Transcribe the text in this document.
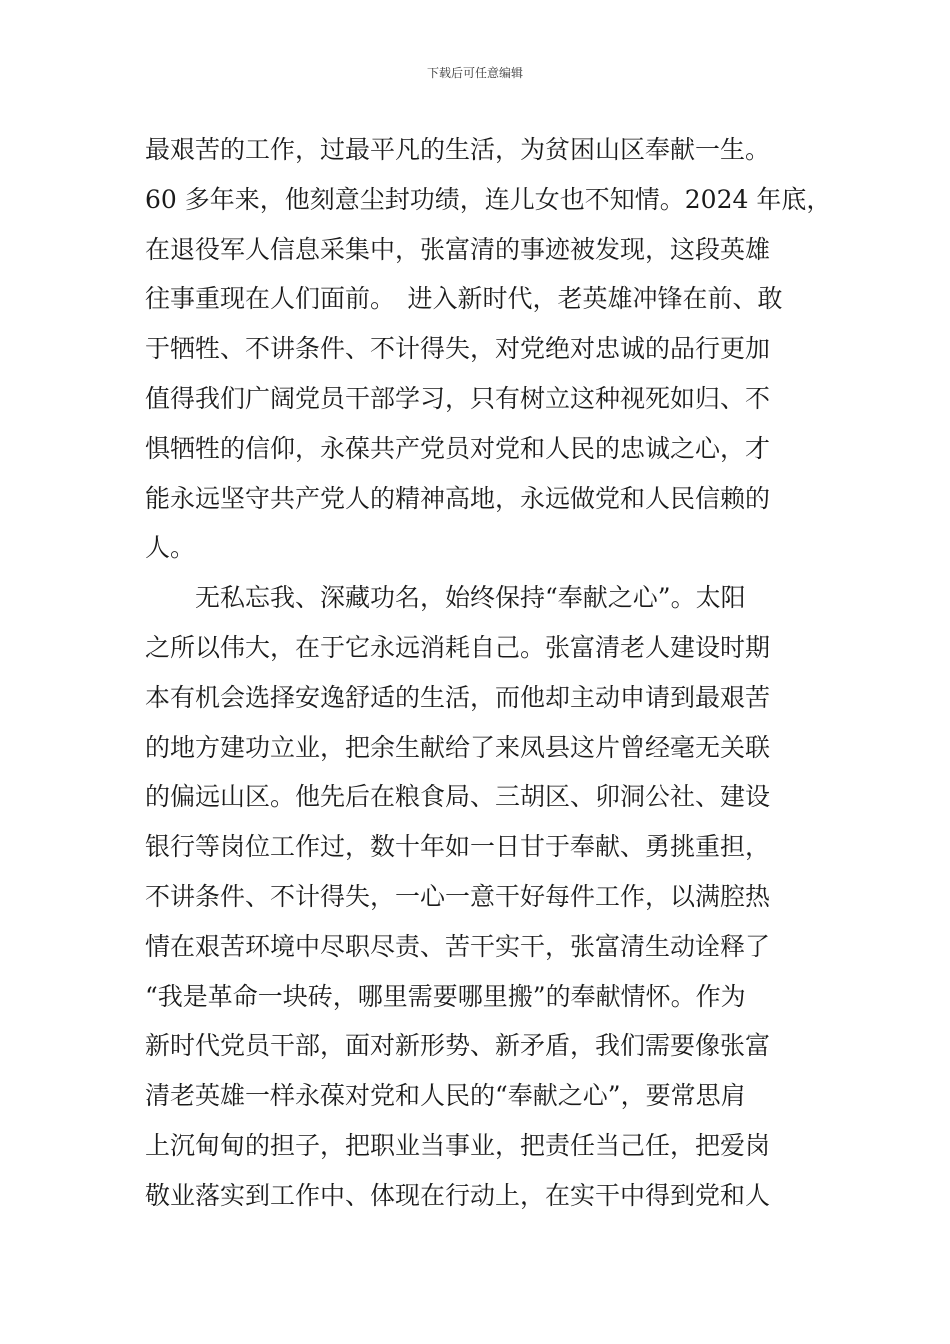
下载后可任意编辑
最艰苦的工作，过最平凡的生活，为贫困山区奉献一生。
60 多年来，他刻意尘封功绩，连儿女也不知情。2024 年底，
在退役军人信息采集中，张富清的事迹被发现，这段英雄
往事重现在人们面前。　进入新时代，老英雄冲锋在前、敢
于牺牲、不讲条件、不计得失，对党绝对忠诚的品行更加
值得我们广阔党员干部学习，只有树立这种视死如归、不
惧牺牲的信仰，永葆共产党员对党和人民的忠诚之心，才
能永远坚守共产党人的精神高地，永远做党和人民信赖的
人。
　　无私忘我、深藏功名，始终保持“奉献之心”。太阳
之所以伟大，在于它永远消耗自己。张富清老人建设时期
本有机会选择安逸舒适的生活，而他却主动申请到最艰苦
的地方建功立业，把余生献给了来凤县这片曾经毫无关联
的偏远山区。他先后在粮食局、三胡区、卯洞公社、建设
银行等岗位工作过，数十年如一日甘于奉献、勇挑重担，
不讲条件、不计得失，一心一意干好每件工作，以满腔热
情在艰苦环境中尽职尽责、苦干实干，张富清生动诠释了
“我是革命一块砖，哪里需要哪里搬”的奉献情怀。作为
新时代党员干部，面对新形势、新矛盾，我们需要像张富
清老英雄一样永葆对党和人民的“奉献之心”，要常思肩
上沉甸甸的担子，把职业当事业，把责任当己任，把爱岗
敬业落实到工作中、体现在行动上，在实干中得到党和人
